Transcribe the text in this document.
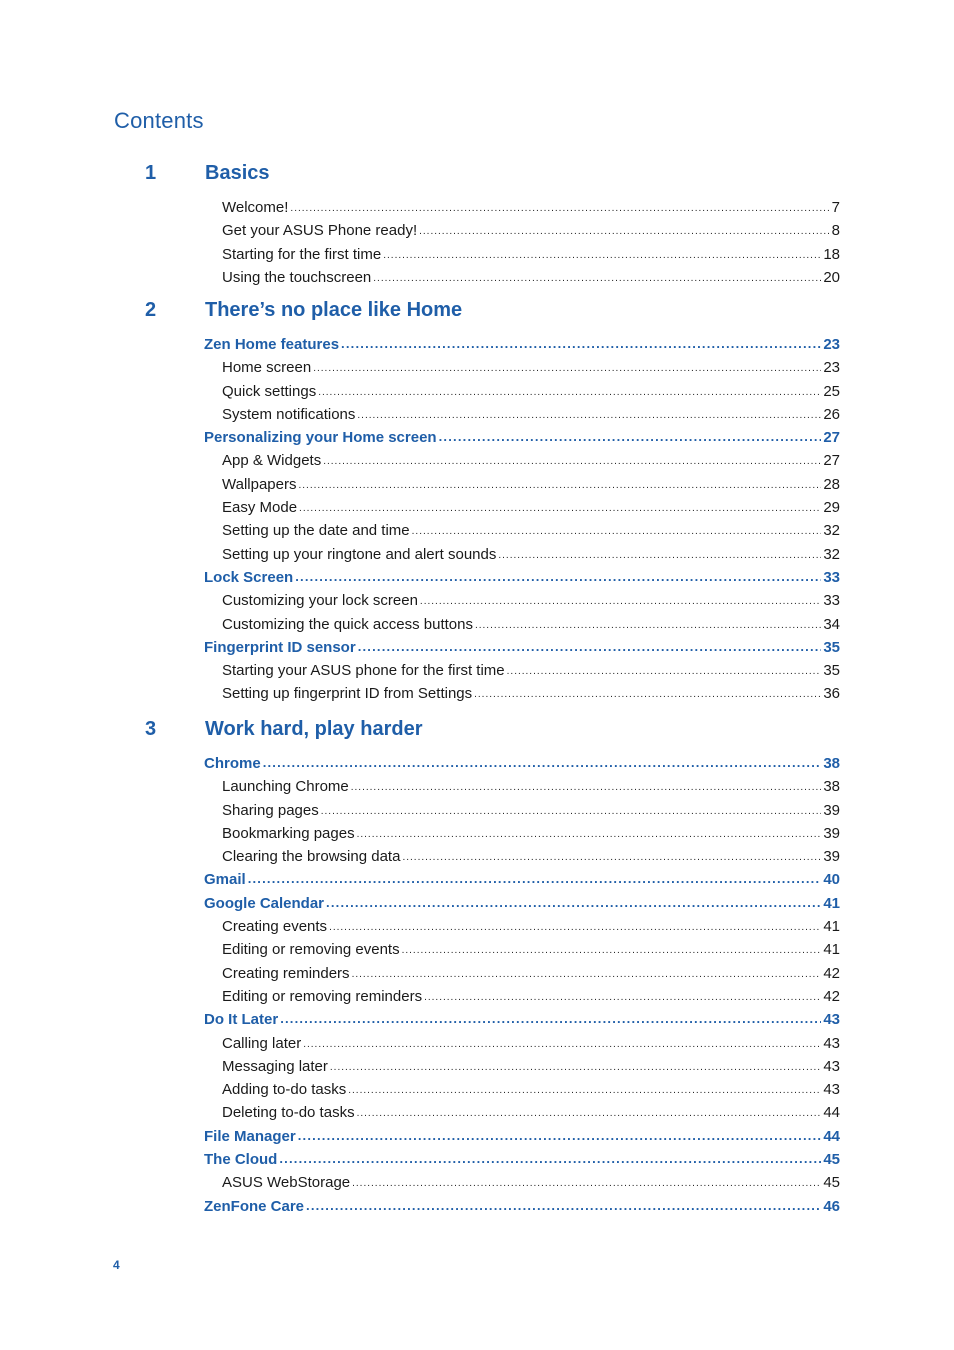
Contents
1 Basics
Welcome! .....	7
Get your ASUS Phone ready! .....	8
Starting for the first time .....	18
Using the touchscreen .....	20
2 There’s no place like Home
Zen Home features .....	23
Home screen .....	23
Quick settings .....	25
System notifications .....	26
Personalizing your Home screen .....	27
App & Widgets .....	27
Wallpapers .....	28
Easy Mode .....	29
Setting up the date and time .....	32
Setting up your ringtone and alert sounds .....	32
Lock Screen .....	33
Customizing your lock screen .....	33
Customizing the quick access buttons .....	34
Fingerprint ID sensor .....	35
Starting your ASUS phone for the first time .....	35
Setting up fingerprint ID from Settings .....	36
3 Work hard, play harder
Chrome .....	38
Launching Chrome .....	38
Sharing pages .....	39
Bookmarking pages .....	39
Clearing the browsing data .....	39
Gmail .....	40
Google Calendar .....	41
Creating events .....	41
Editing or removing events .....	41
Creating reminders .....	42
Editing or removing reminders .....	42
Do It Later .....	43
Calling later .....	43
Messaging later .....	43
Adding to-do tasks .....	43
Deleting to-do tasks .....	44
File Manager .....	44
The Cloud .....	45
ASUS WebStorage .....	45
ZenFone Care .....	46
4
